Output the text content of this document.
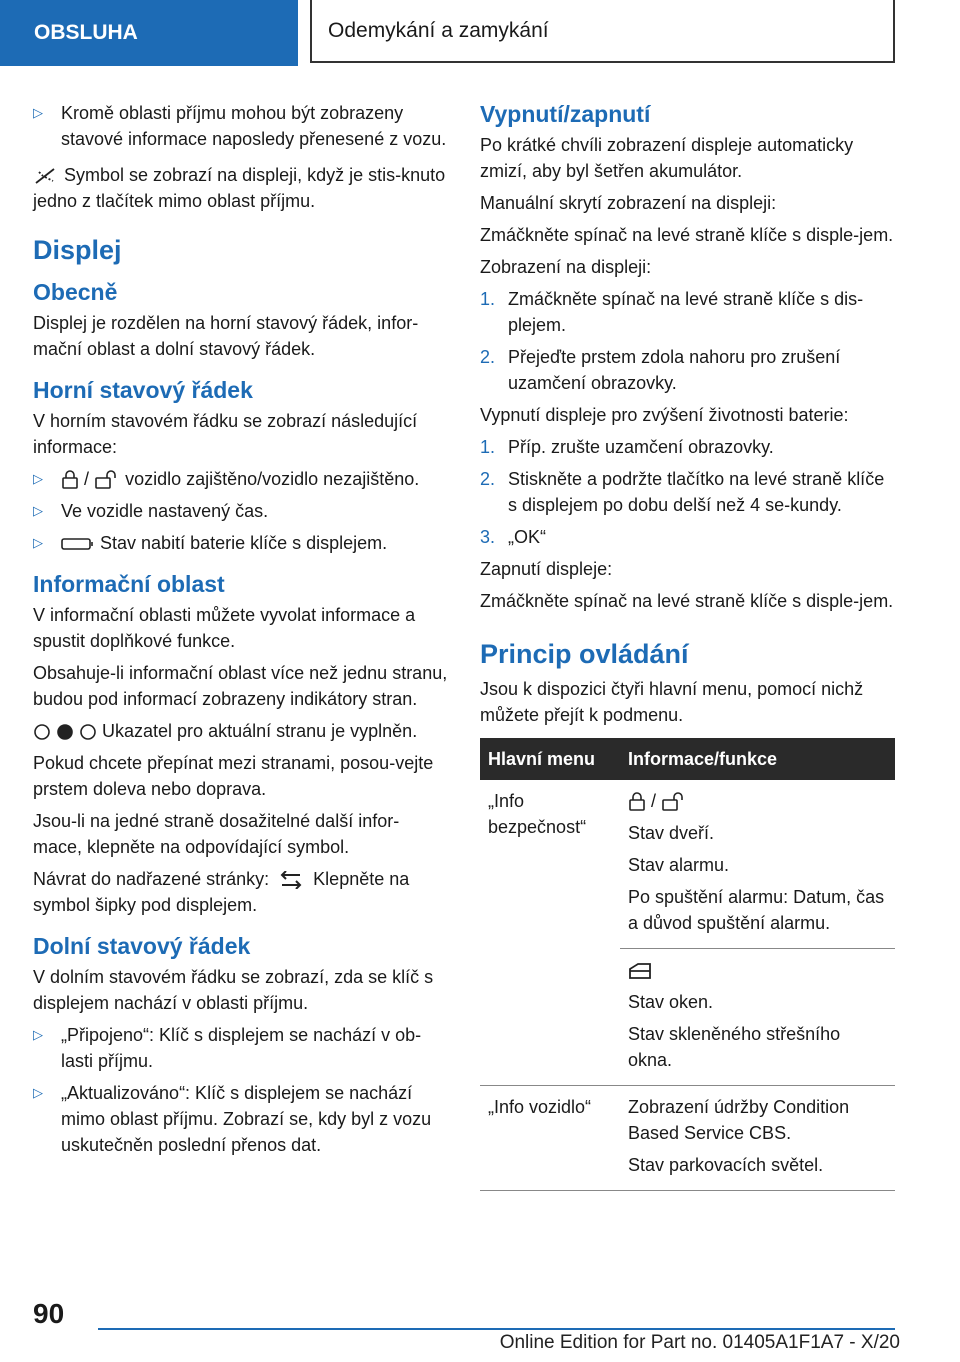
OBSLUHA	Odemykání a zamykání
▷	Kromě oblasti příjmu mohou být zobrazeny stavové informace naposledy přenesené z vozu.

Symbol se zobrazí na displeji, když je stis-knuto jedno z tlačítek mimo oblast příjmu.

Displej
Obecně

Displej je rozdělen na horní stavový řádek, infor-mační oblast a dolní stavový řádek.

Horní stavový řádek

V horním stavovém řádku se zobrazí následující informace:

▷	/ vozidlo zajištěno/vozidlo nezajištěno.
▷	Ve vozidle nastavený čas.
▷	Stav nabití baterie klíče s displejem.
Informační oblast

V informační oblasti můžete vyvolat informace a spustit doplňkové funkce.

Obsahuje-li informační oblast více než jednu stranu, budou pod informací zobrazeny indikátory stran.

Ukazatel pro aktuální stranu je vyplněn.

Pokud chcete přepínat mezi stranami, posou-vejte prstem doleva nebo doprava.

Jsou-li na jedné straně dosažitelné další infor-mace, klepněte na odpovídající symbol.

Návrat do nadřazené stránky: Klepněte na symbol šipky pod displejem.

Dolní stavový řádek

V dolním stavovém řádku se zobrazí, zda se klíč s displejem nachází v oblasti příjmu.

▷	„Připojeno“: Klíč s displejem se nachází v ob-lasti příjmu.
▷	„Aktualizováno“: Klíč s displejem se nachází mimo oblast příjmu. Zobrazí se, kdy byl z vozu uskutečněn poslední přenos dat.
Vypnutí/zapnutí

Po krátké chvíli zobrazení displeje automaticky zmizí, aby byl šetřen akumulátor.

Manuální skrytí zobrazení na displeji:

Zmáčkněte spínač na levé straně klíče s disple-jem.

Zobrazení na displeji:

1. Zmáčkněte spínač na levé straně klíče s dis-plejem.
2. Přejeďte prstem zdola nahoru pro zrušení uzamčení obrazovky.

Vypnutí displeje pro zvýšení životnosti baterie:

1. Příp. zrušte uzamčení obrazovky.
2. Stiskněte a podržte tlačítko na levé straně klíče s displejem po dobu delší než 4 se-kundy.
3. „OK“

Zapnutí displeje:

Zmáčkněte spínač na levé straně klíče s disple-jem.

Princip ovládání

Jsou k dispozici čtyři hlavní menu, pomocí nichž můžete přejít k podmenu.

Hlavní menu	Informace/funkce
„Info bezpečnost“	/

Stav dveří.

Stav alarmu.

Po spuštění alarmu: Datum, čas a důvod spuštění alarmu.

	Stav oken.

Stav skleněného střešního okna.

„Info vozidlo“	Zobrazení údržby Condition Based Service CBS.

Stav parkovacích světel.

90
Online Edition for Part no. 01405A1F1A7 - X/20
